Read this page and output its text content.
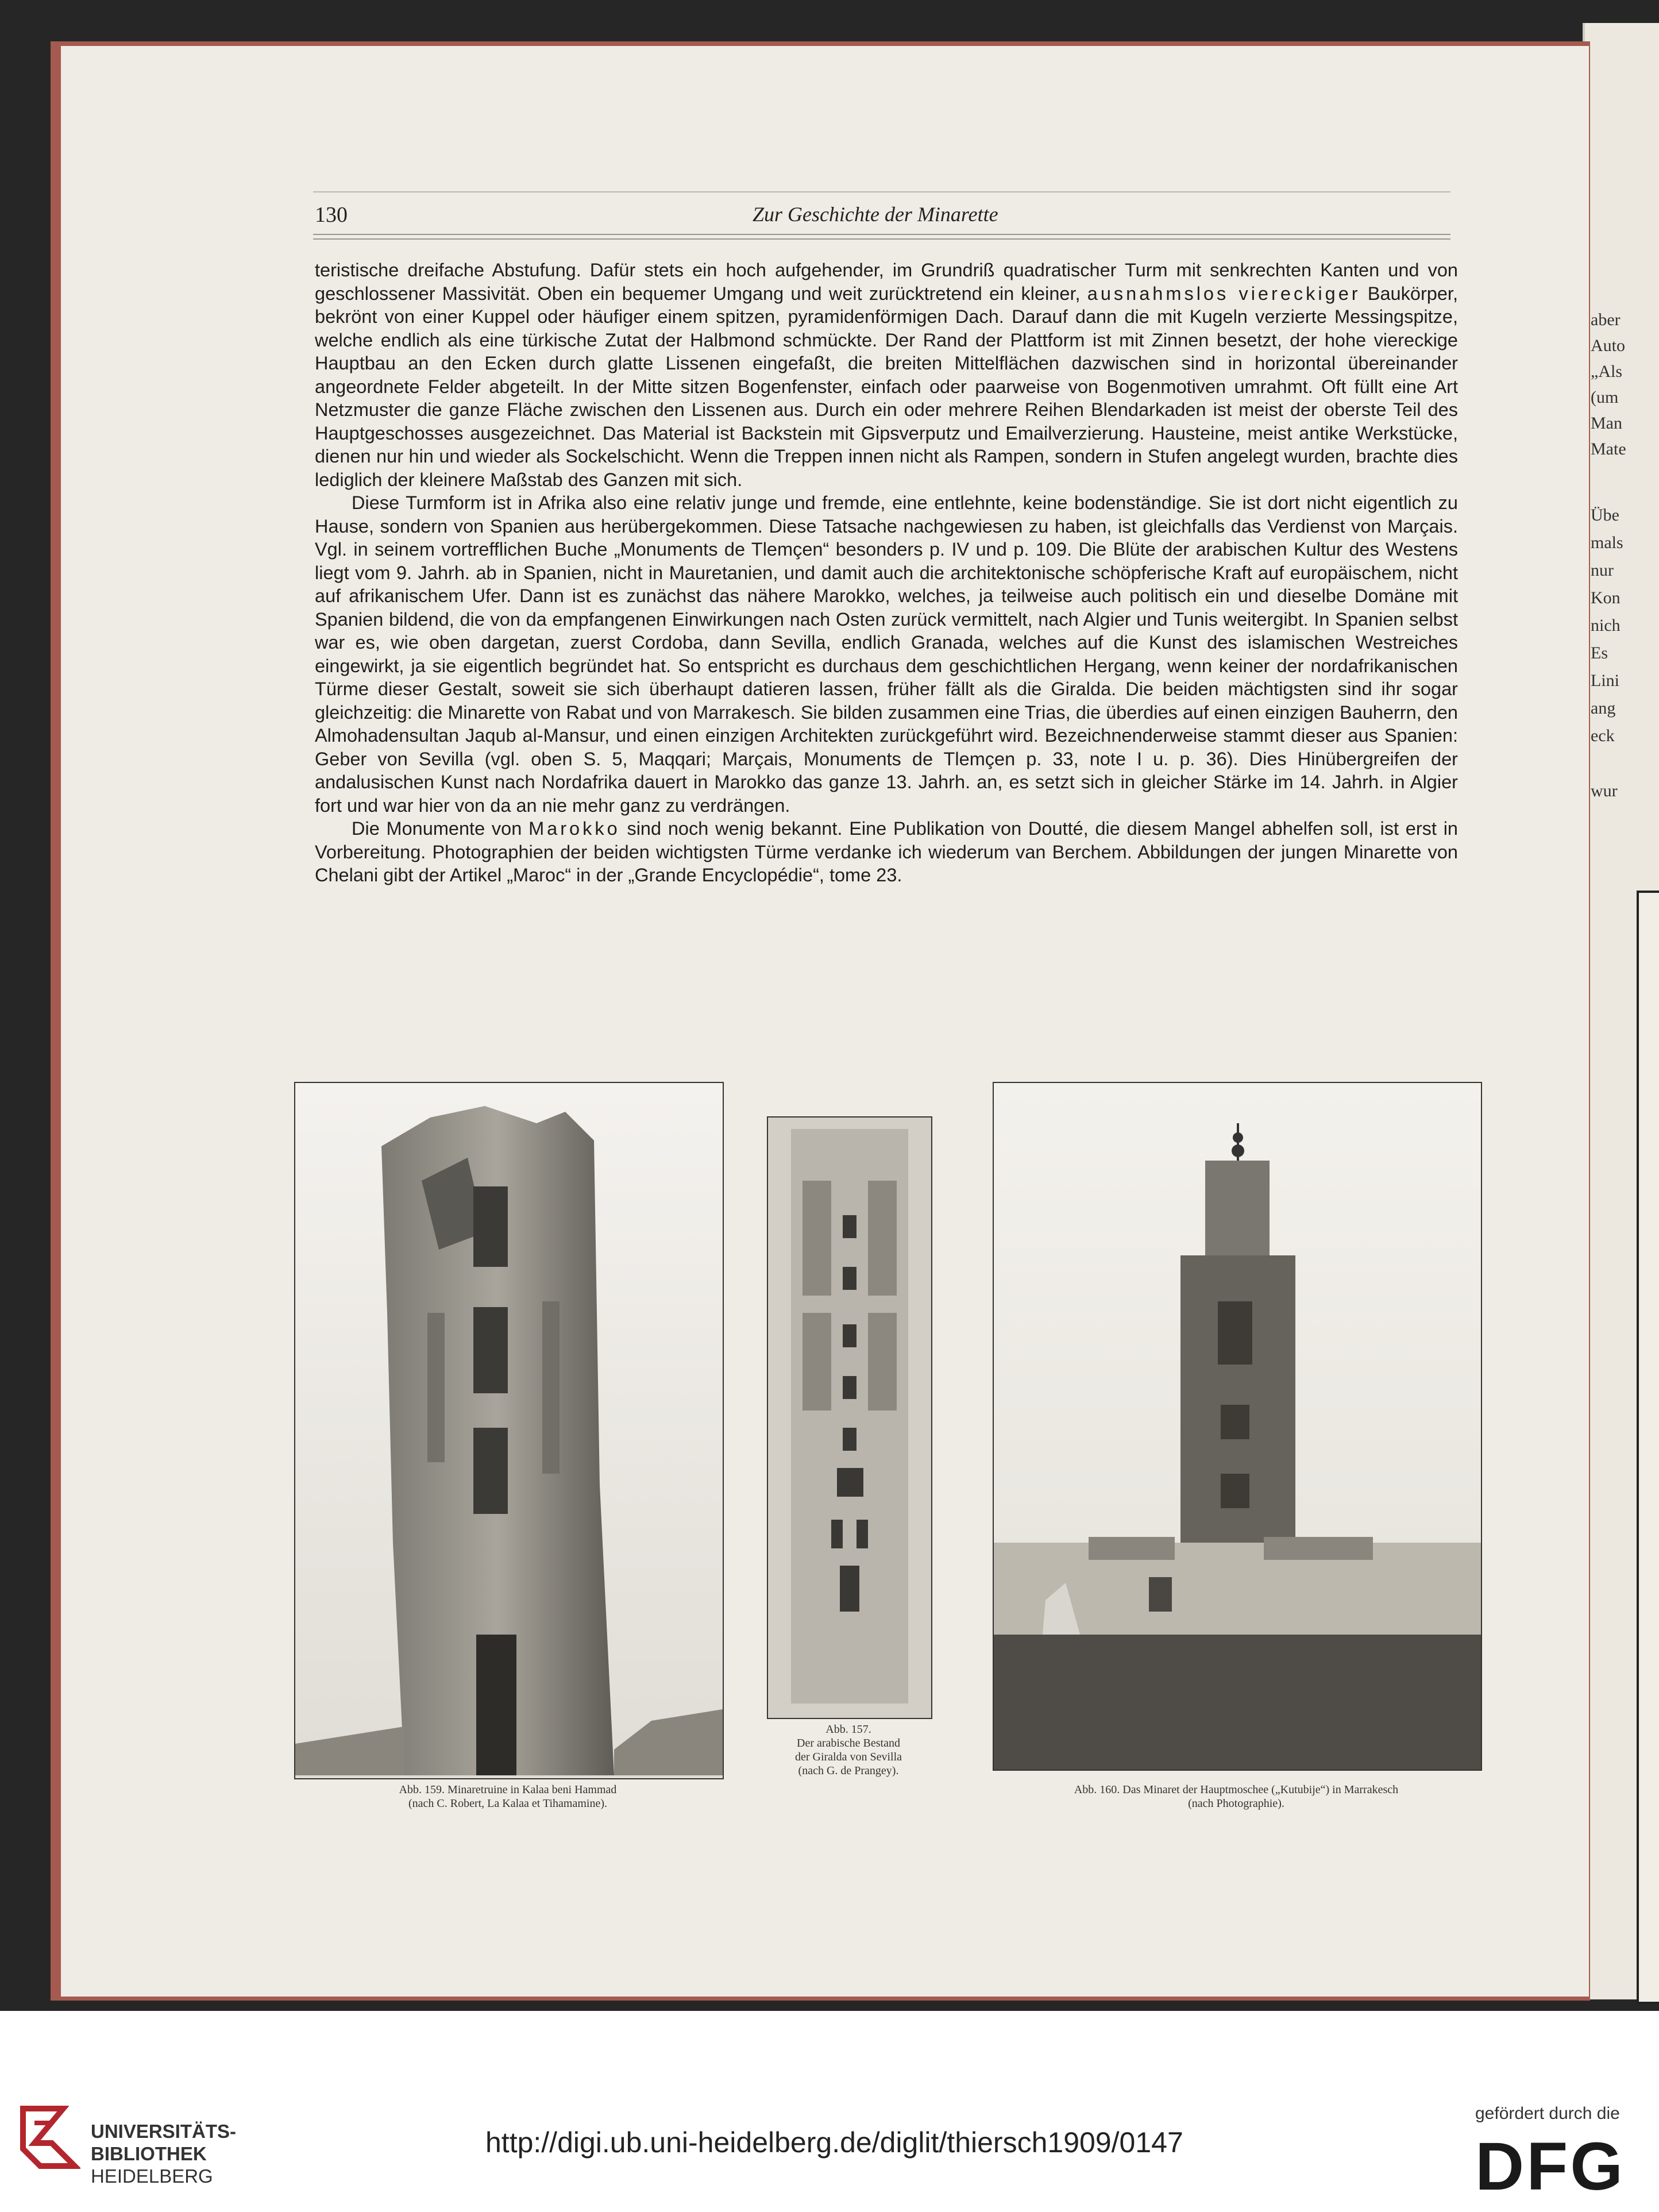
aber
Auto
„Als
(um
Man
Mate
Übe
mals
nur
Kon
nich
Es
Lini
ang
eck
wur
130	Zur Geschichte der Minarette

teristische dreifache Abstufung. Dafür stets ein hoch aufgehender, im Grundriß quadratischer Turm mit senkrechten Kanten und von geschlossener Massivität. Oben ein bequemer Umgang und weit zurücktretend ein kleiner, ausnahmslos viereckiger Baukörper, bekrönt von einer Kuppel oder häufiger einem spitzen, pyramidenförmigen Dach. Darauf dann die mit Kugeln verzierte Messingspitze, welche endlich als eine türkische Zutat der Halbmond schmückte. Der Rand der Plattform ist mit Zinnen besetzt, der hohe viereckige Hauptbau an den Ecken durch glatte Lissenen eingefaßt, die breiten Mittelflächen dazwischen sind in horizontal übereinander angeordnete Felder abgeteilt. In der Mitte sitzen Bogenfenster, einfach oder paarweise von Bogenmotiven umrahmt. Oft füllt eine Art Netzmuster die ganze Fläche zwischen den Lissenen aus. Durch ein oder mehrere Reihen Blendarkaden ist meist der oberste Teil des Hauptgeschosses ausgezeichnet. Das Material ist Backstein mit Gipsverputz und Emailverzierung. Hausteine, meist antike Werkstücke, dienen nur hin und wieder als Sockelschicht. Wenn die Treppen innen nicht als Rampen, sondern in Stufen angelegt wurden, brachte dies lediglich der kleinere Maßstab des Ganzen mit sich.

Diese Turmform ist in Afrika also eine relativ junge und fremde, eine entlehnte, keine bodenständige. Sie ist dort nicht eigentlich zu Hause, sondern von Spanien aus herübergekommen. Diese Tatsache nachgewiesen zu haben, ist gleichfalls das Verdienst von Marçais. Vgl. in seinem vortrefflichen Buche „Monuments de Tlemçen“ besonders p. IV und p. 109. Die Blüte der arabischen Kultur des Westens liegt vom 9. Jahrh. ab in Spanien, nicht in Mauretanien, und damit auch die architektonische schöpferische Kraft auf europäischem, nicht auf afrikanischem Ufer. Dann ist es zunächst das nähere Marokko, welches, ja teilweise auch politisch ein und dieselbe Domäne mit Spanien bildend, die von da empfangenen Einwirkungen nach Osten zurück vermittelt, nach Algier und Tunis weitergibt. In Spanien selbst war es, wie oben dargetan, zuerst Cordoba, dann Sevilla, endlich Granada, welches auf die Kunst des islamischen Westreiches eingewirkt, ja sie eigentlich begründet hat. So entspricht es durchaus dem geschichtlichen Hergang, wenn keiner der nordafrikanischen Türme dieser Gestalt, soweit sie sich überhaupt datieren lassen, früher fällt als die Giralda. Die beiden mächtigsten sind ihr sogar gleichzeitig: die Minarette von Rabat und von Marrakesch. Sie bilden zusammen eine Trias, die überdies auf einen einzigen Bauherrn, den Almohadensultan Jaqub al-Mansur, und einen einzigen Architekten zurückgeführt wird. Bezeichnenderweise stammt dieser aus Spanien: Geber von Sevilla (vgl. oben S. 5, Maqqari; Marçais, Monuments de Tlemçen p. 33, note I u. p. 36). Dies Hinübergreifen der andalusischen Kunst nach Nordafrika dauert in Marokko das ganze 13. Jahrh. an, es setzt sich in gleicher Stärke im 14. Jahrh. in Algier fort und war hier von da an nie mehr ganz zu verdrängen.

Die Monumente von Marokko sind noch wenig bekannt. Eine Publikation von Doutté, die diesem Mangel abhelfen soll, ist erst in Vorbereitung. Photographien der beiden wichtigsten Türme verdanke ich wiederum van Berchem. Abbildungen der jungen Minarette von Chelani gibt der Artikel „Maroc“ in der „Grande Encyclopédie“, tome 23.

Abb. 159. Minaretruine in Kalaa beni Hammad
(nach C. Robert, La Kalaa et Tihamamine).
Abb. 157.
Der arabische Bestand
der Giralda von Sevilla
(nach G. de Prangey).
Abb. 160. Das Minaret der Hauptmoschee („Kutubije“) in Marrakesch
(nach Photographie).
UNIVERSITÄTS-
BIBLIOTHEK
HEIDELBERG
http://digi.ub.uni-heidelberg.de/diglit/thiersch1909/0147
gefördert durch die
DFG
